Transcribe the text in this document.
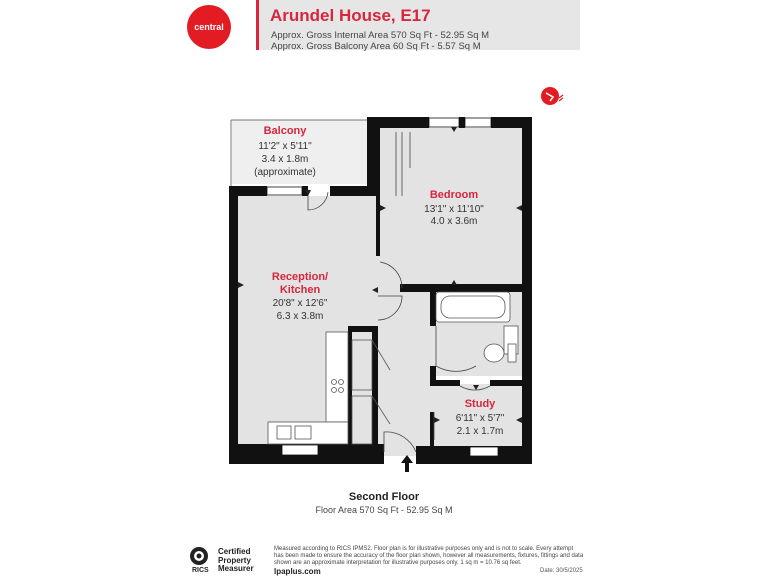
central
Arundel House, E17
Approx. Gross Internal Area 570 Sq Ft - 52.95 Sq M
Approx. Gross Balcony Area 60 Sq Ft - 5.57 Sq M
Balcony
11'2" x 5'11"
3.4 x 1.8m
(approximate)
Bedroom
13'1" x 11'10"
4.0 x 3.6m
Reception/
Kitchen
20'8" x 12'6"
6.3 x 3.8m
Study
6'11" x 5'7"
2.1 x 1.7m
Second Floor
Floor Area 570 Sq Ft - 52.95 Sq M
RICS
Certified
Property
Measurer
Measured according to RICS IPMS2. Floor plan is for illustrative purposes only and is not to scale. Every attempt has been made to ensure the accuracy of the floor plan shown, however all measurements, fixtures, fittings and data shown are an approximate interpretation for illustrative purposes only. 1 sq m = 10.76 sq feet.
lpaplus.com	Date: 30/5/2025
